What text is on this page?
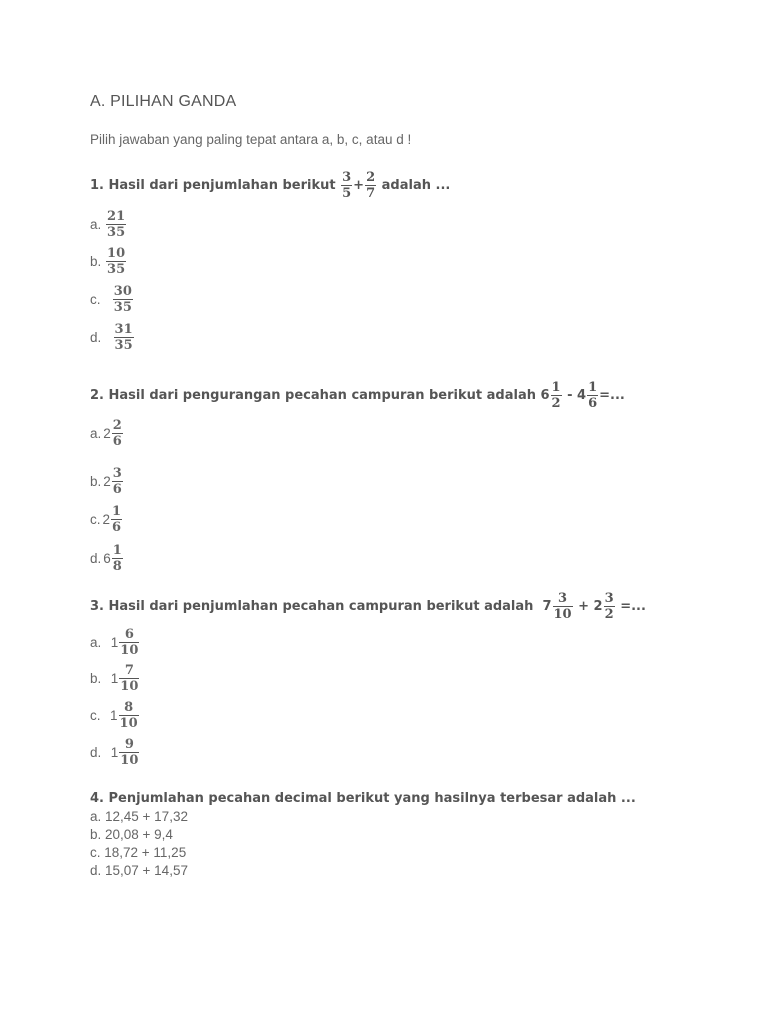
A. PILIHAN GANDA
Pilih jawaban yang paling tepat antara a, b, c, atau d !
1. Hasil dari penjumlahan berikut
$\frac{3}{5} + \frac{2}{7}$
adalah ...
a.
$\frac{21}{35}$
b.
$\frac{10}{35}$
c.
$\frac{30}{35}$
d.
$\frac{31}{35}$
2. Hasil dari pengurangan pecahan campuran berikut adalah $6 \frac{1}{2}$
- $4 \frac{1}{6}$ =...
a. $2 \frac{2}{6}$
b. $2 \frac{3}{6}$
c. $2 \frac{1}{6}$
d. $6 \frac{1}{8}$
3. Hasil dari penjumlahan pecahan campuran berikut adalah
$7 \frac{3}{10}$
+ $2 \frac{3}{2}$
=...
a.
$1 \frac{6}{10}$
b.
$1 \frac{7}{10}$
c.
$1 \frac{8}{10}$
d.
$1 \frac{9}{10}$
4. Penjumlahan pecahan decimal berikut yang hasilnya terbesar adalah ...
a. 12,45 + 17,32
b. 20,08 + 9,4
c. 18,72 + 11,25
d. 15,07 + 14,57
